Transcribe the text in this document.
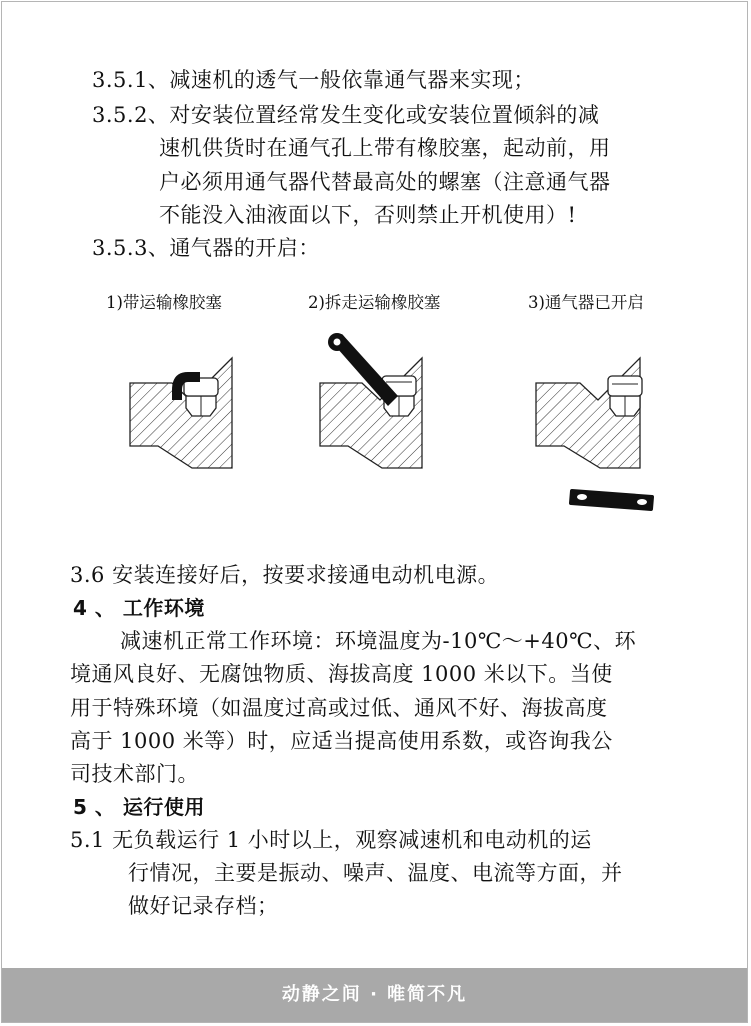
3.5.1、减速机的透气一般依靠通气器来实现；
3.5.2、对安装位置经常发生变化或安装位置倾斜的减
速机供货时在通气孔上带有橡胶塞，起动前，用
户必须用通气器代替最高处的螺塞（注意通气器
不能没入油液面以下，否则禁止开机使用）!
3.5.3、通气器的开启：
1)带运输橡胶塞	2)拆走运输橡胶塞	3)通气器已开启
3.6 安装连接好后，按要求接通电动机电源。
4 、 工作环境
减速机正常工作环境：环境温度为-10℃～+40℃、环
境通风良好、无腐蚀物质、海拔高度 1000 米以下。当使
用于特殊环境（如温度过高或过低、通风不好、海拔高度
高于 1000 米等）时，应适当提高使用系数，或咨询我公
司技术部门。
5 、 运行使用
5.1 无负载运行 1 小时以上，观察减速机和电动机的运
行情况，主要是振动、噪声、温度、电流等方面，并
做好记录存档；
动静之间 · 唯简不凡
